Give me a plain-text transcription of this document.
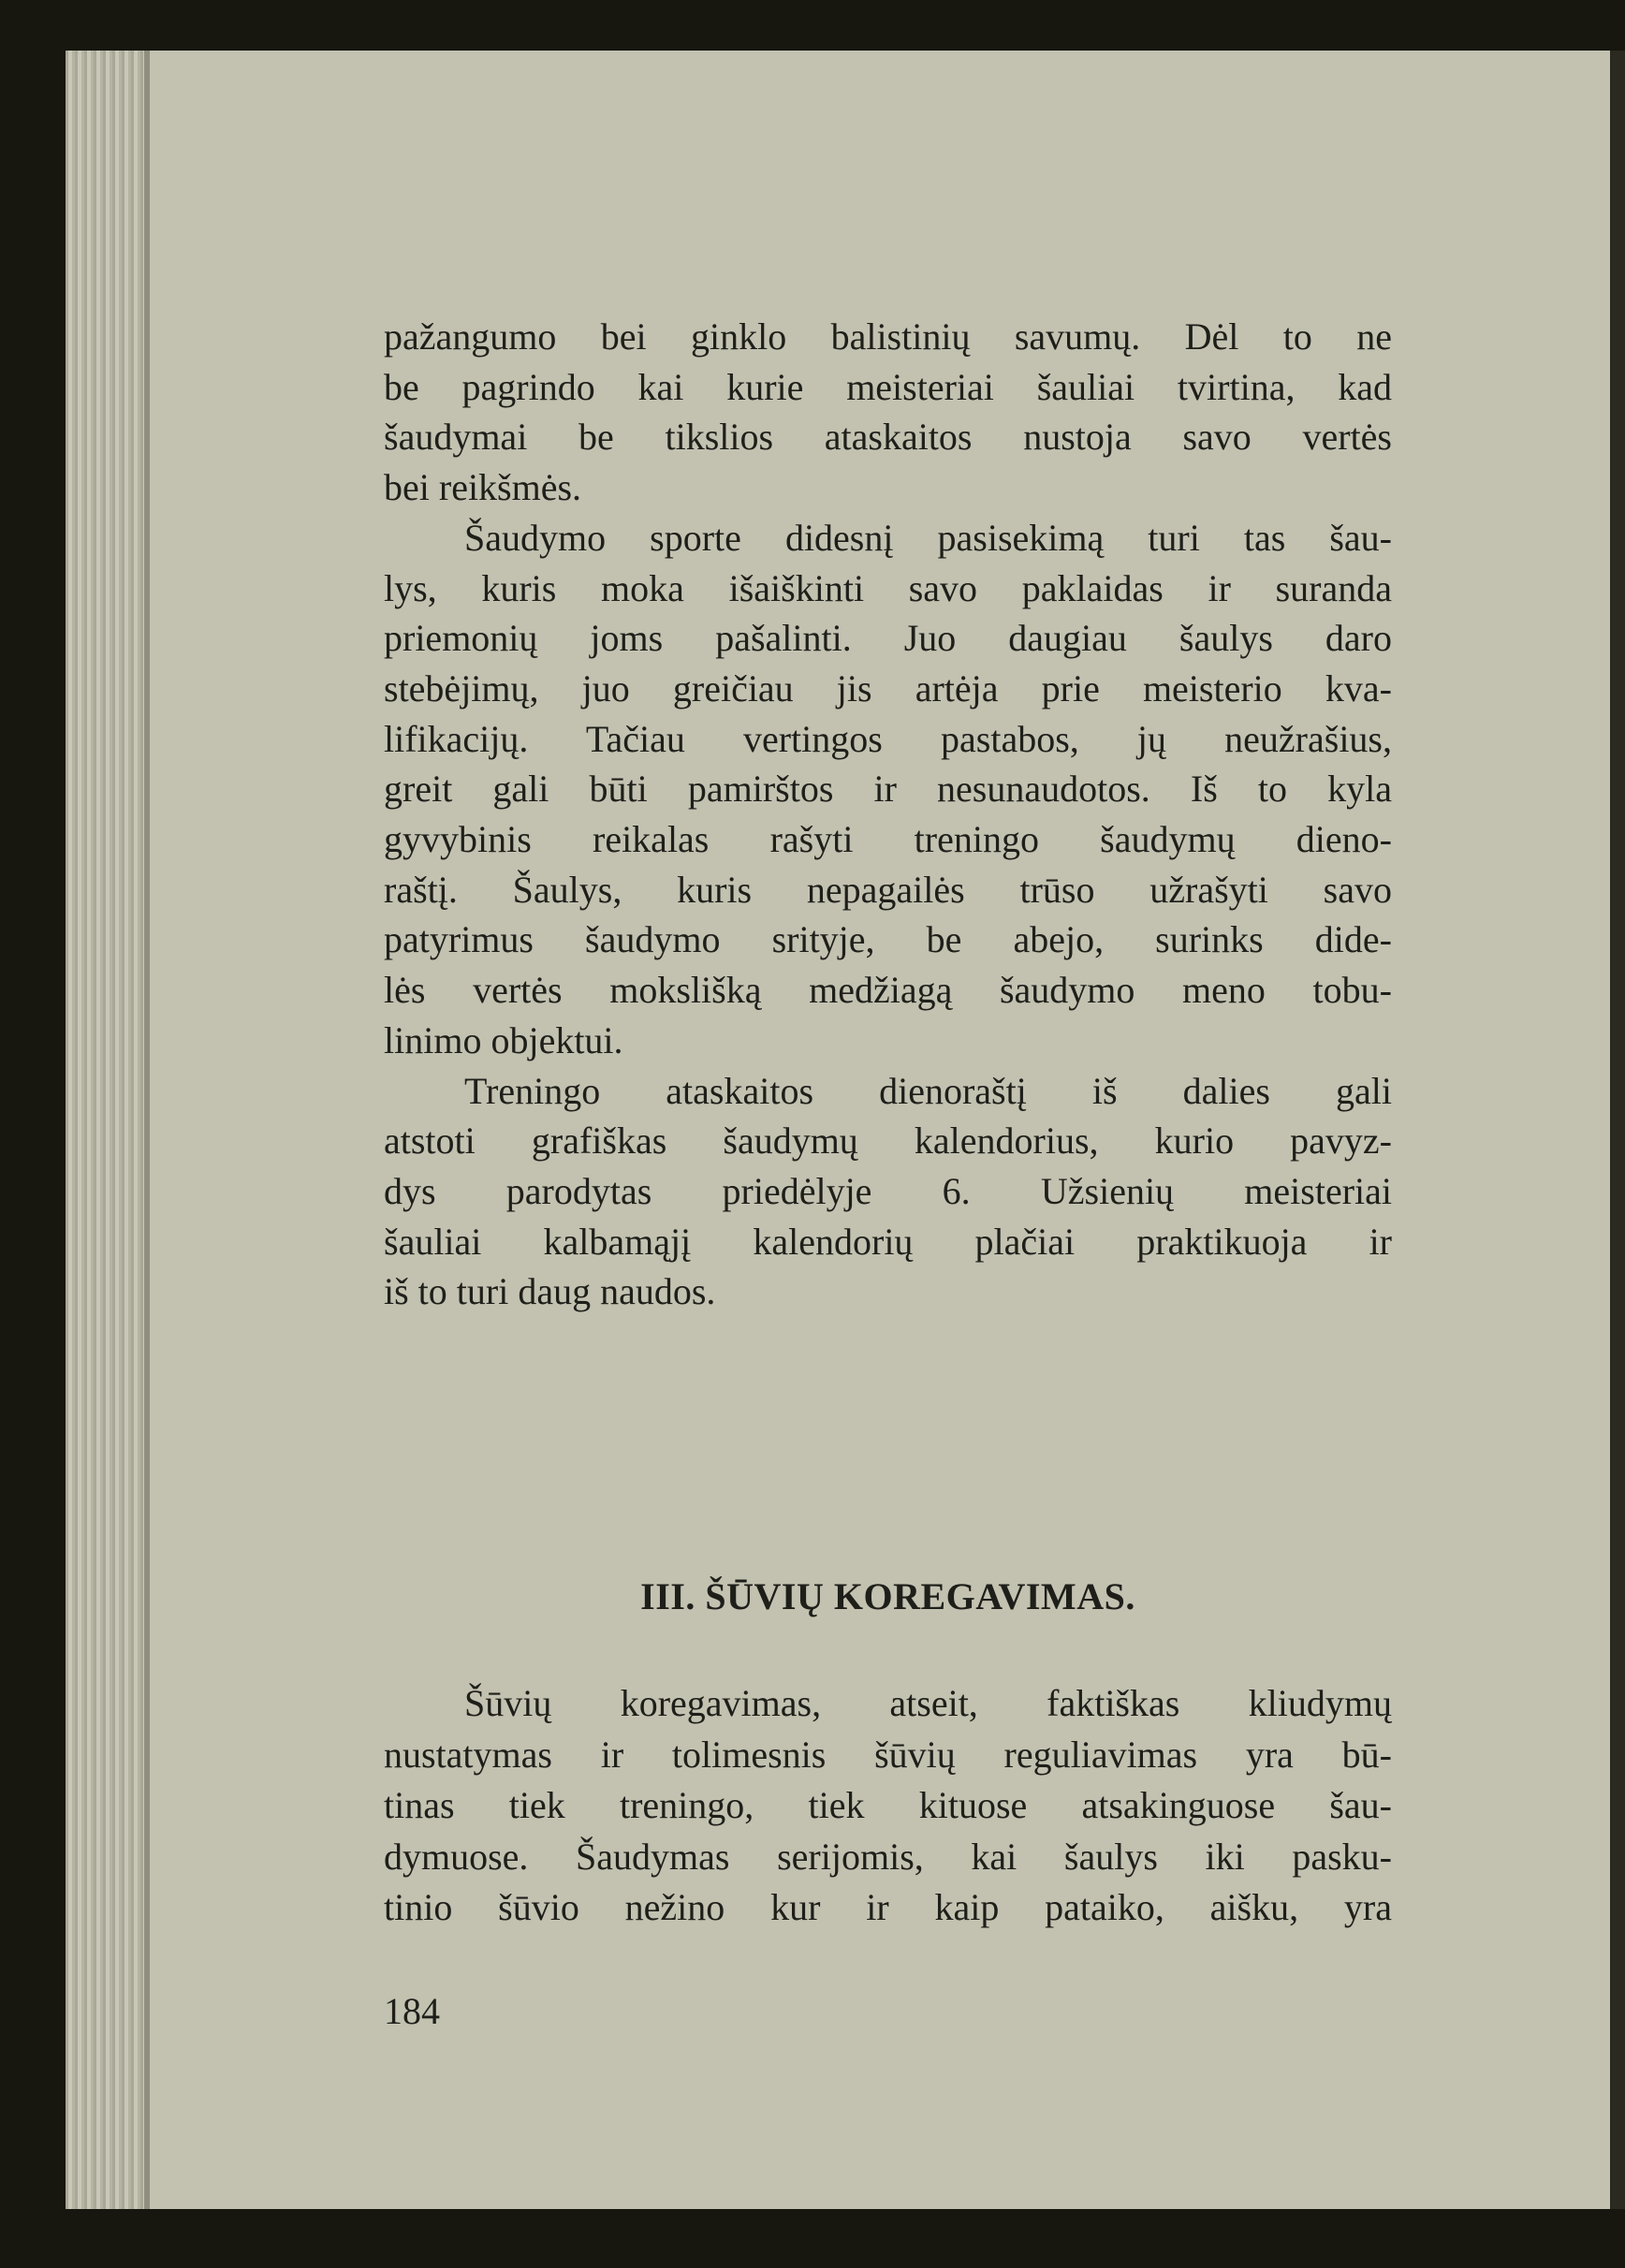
pažangumo bei ginklo balistinių savumų. Dėl to ne
be pagrindo kai kurie meisteriai šauliai tvirtina, kad
šaudymai be tikslios ataskaitos nustoja savo vertės
bei reikšmės.
Šaudymo sporte didesnį pasisekimą turi tas šau-
lys, kuris moka išaiškinti savo paklaidas ir suranda
priemonių joms pašalinti. Juo daugiau šaulys daro
stebėjimų, juo greičiau jis artėja prie meisterio kva-
lifikacijų. Tačiau vertingos pastabos, jų neužrašius,
greit gali būti pamirštos ir nesunaudotos. Iš to kyla
gyvybinis reikalas rašyti treningo šaudymų dieno-
raštį. Šaulys, kuris nepagailės trūso užrašyti savo
patyrimus šaudymo srityje, be abejo, surinks dide-
lės vertės mokslišką medžiagą šaudymo meno tobu-
linimo objektui.
Treningo ataskaitos dienoraštį iš dalies gali
atstoti grafiškas šaudymų kalendorius, kurio pavyz-
dys parodytas priedėlyje 6. Užsienių meisteriai
šauliai kalbamąjį kalendorių plačiai praktikuoja ir
iš to turi daug naudos.
III. ŠŪVIŲ KOREGAVIMAS.
Šūvių koregavimas, atseit, faktiškas kliudymų
nustatymas ir tolimesnis šūvių reguliavimas yra bū-
tinas tiek treningo, tiek kituose atsakinguose šau-
dymuose. Šaudymas serijomis, kai šaulys iki pasku-
tinio šūvio nežino kur ir kaip pataiko, aišku, yra
184
